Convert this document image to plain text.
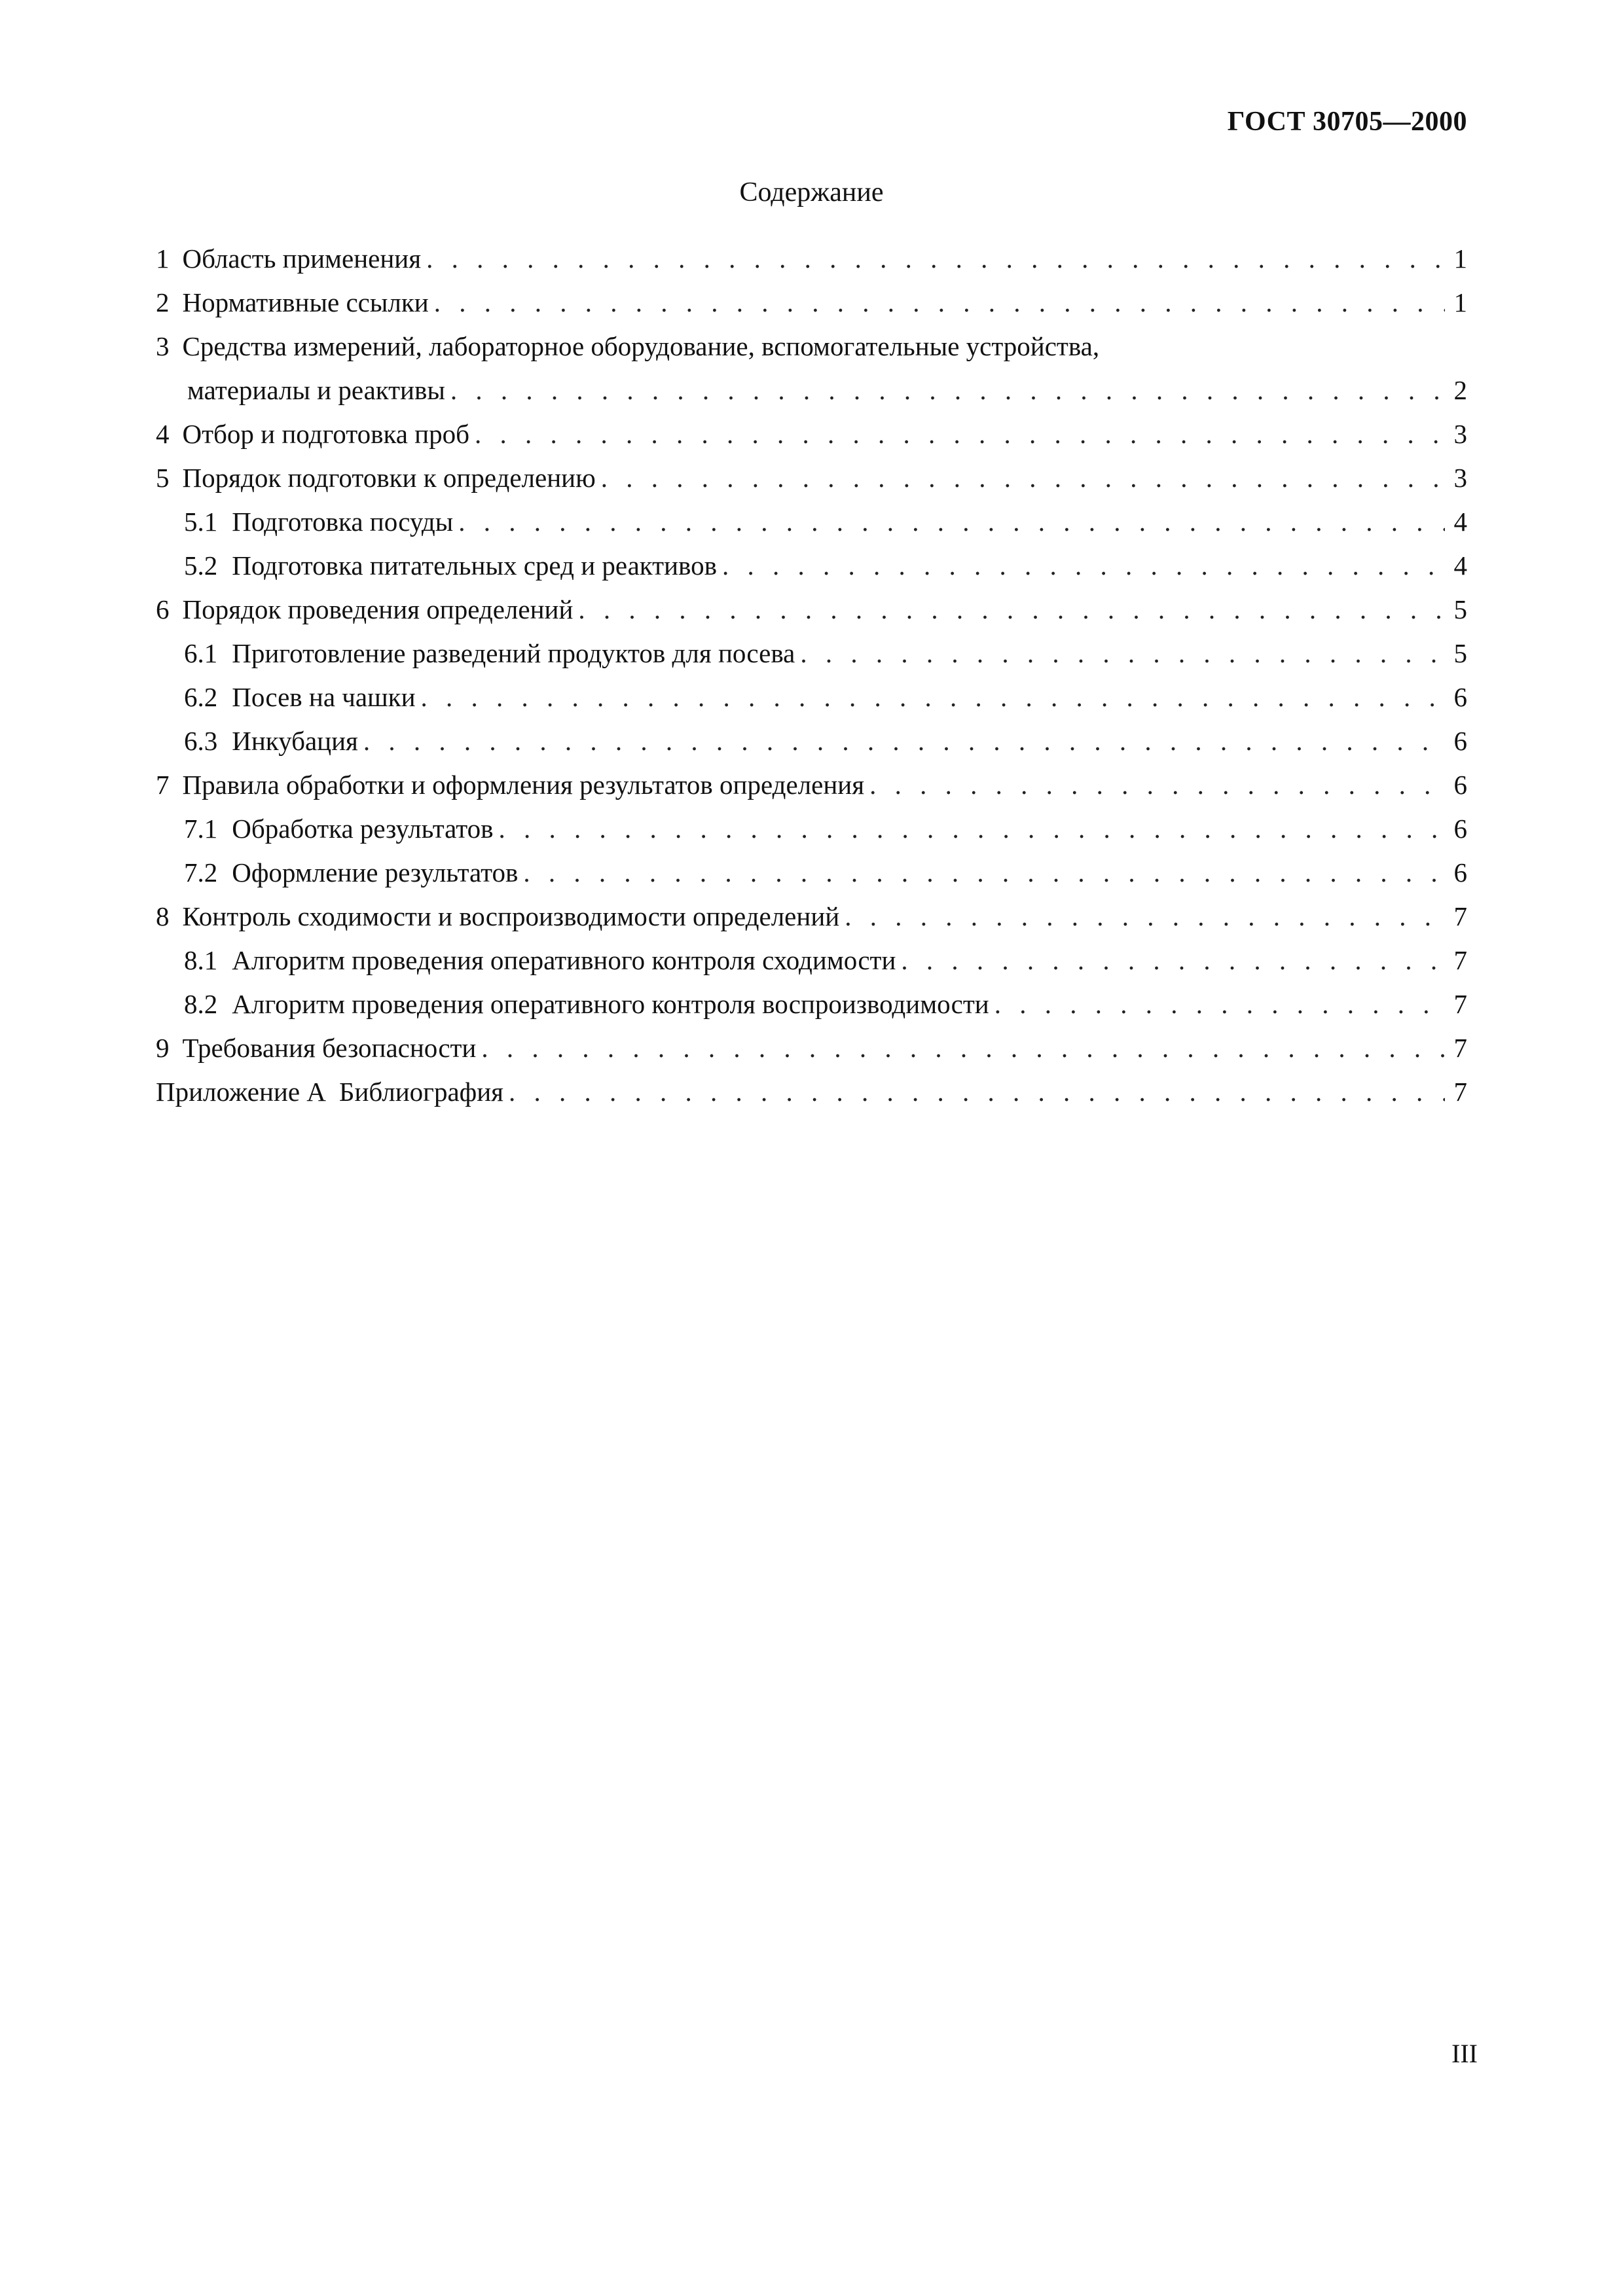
ГОСТ 30705—2000
Содержание
1 Область применения . . .	1
2 Нормативные ссылки . . .	1
3 Средства измерений, лабораторное оборудование, вспомогательные устройства,
материалы и реактивы . . .	2
4 Отбор и подготовка проб . . .	3
5 Порядок подготовки к определению . . .	3
5.1 Подготовка посуды . . .	4
5.2 Подготовка питательных сред и реактивов . . .	4
6 Порядок проведения определений . . .	5
6.1 Приготовление разведений продуктов для посева . . .	5
6.2 Посев на чашки . . .	6
6.3 Инкубация . . .	6
7 Правила обработки и оформления результатов определения . . .	6
7.1 Обработка результатов . . .	6
7.2 Оформление результатов . . .	6
8 Контроль сходимости и воспроизводимости определений . . .	7
8.1 Алгоритм проведения оперативного контроля сходимости . . .	7
8.2 Алгоритм проведения оперативного контроля воспроизводимости . . .	7
9 Требования безопасности . . .	7
Приложение А Библиография . . .	7
III
